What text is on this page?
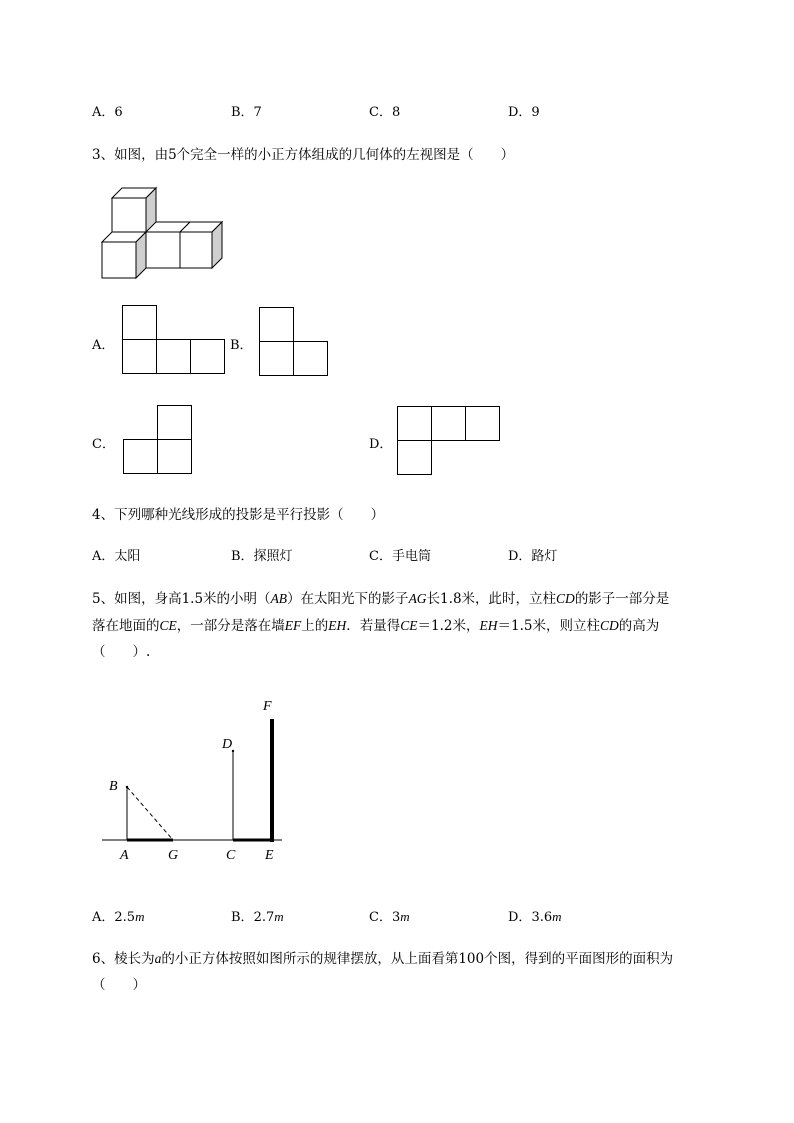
A．6	B．7	C．8	D．9
3、如图，由5个完全一样的小正方体组成的几何体的左视图是（　　）
A．	B．
C．	D．
4、下列哪种光线形成的投影是平行投影（　　）
A．太阳	B．探照灯	C．手电筒	D．路灯
5、如图，身高1.5米的小明（AB）在太阳光下的影子AG长1.8米，此时，立柱CD的影子一部分是
落在地面的CE，一部分是落在墙EF上的EH．若量得CE＝1.2米，EH＝1.5米，则立柱CD的高为
（　　）.
B
A	G
D
C
F
E
A．2.5m	B．2.7m	C．3m	D．3.6m
6、棱长为a的小正方体按照如图所示的规律摆放，从上面看第100个图，得到的平面图形的面积为
（　　）
